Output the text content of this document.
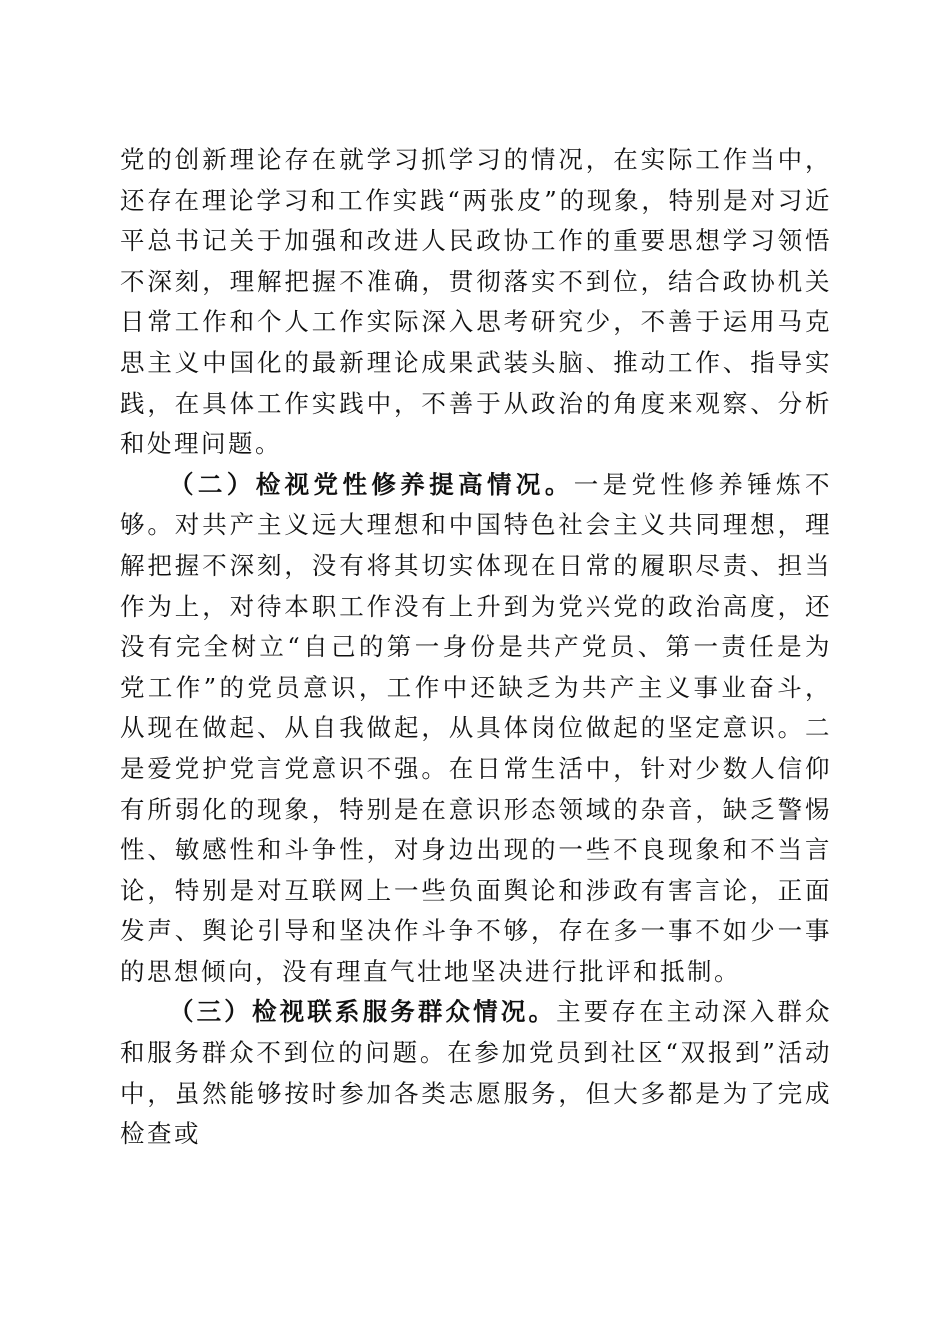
党的创新理论存在就学习抓学习的情况，在实际工作当中，还存在理论学习和工作实践“两张皮”的现象，特别是对习近平总书记关于加强和改进人民政协工作的重要思想学习领悟不深刻，理解把握不准确，贯彻落实不到位，结合政协机关日常工作和个人工作实际深入思考研究少，不善于运用马克思主义中国化的最新理论成果武装头脑、推动工作、指导实践，在具体工作实践中，不善于从政治的角度来观察、分析和处理问题。

（二）检视党性修养提高情况。一是党性修养锤炼不够。对共产主义远大理想和中国特色社会主义共同理想，理解把握不深刻，没有将其切实体现在日常的履职尽责、担当作为上，对待本职工作没有上升到为党兴党的政治高度，还没有完全树立“自己的第一身份是共产党员、第一责任是为党工作”的党员意识，工作中还缺乏为共产主义事业奋斗，从现在做起、从自我做起，从具体岗位做起的坚定意识。二是爱党护党言党意识不强。在日常生活中，针对少数人信仰有所弱化的现象，特别是在意识形态领域的杂音，缺乏警惕性、敏感性和斗争性，对身边出现的一些不良现象和不当言论，特别是对互联网上一些负面舆论和涉政有害言论，正面发声、舆论引导和坚决作斗争不够，存在多一事不如少一事的思想倾向，没有理直气壮地坚决进行批评和抵制。

（三）检视联系服务群众情况。主要存在主动深入群众和服务群众不到位的问题。在参加党员到社区“双报到”活动中，虽然能够按时参加各类志愿服务，但大多都是为了完成检查或
